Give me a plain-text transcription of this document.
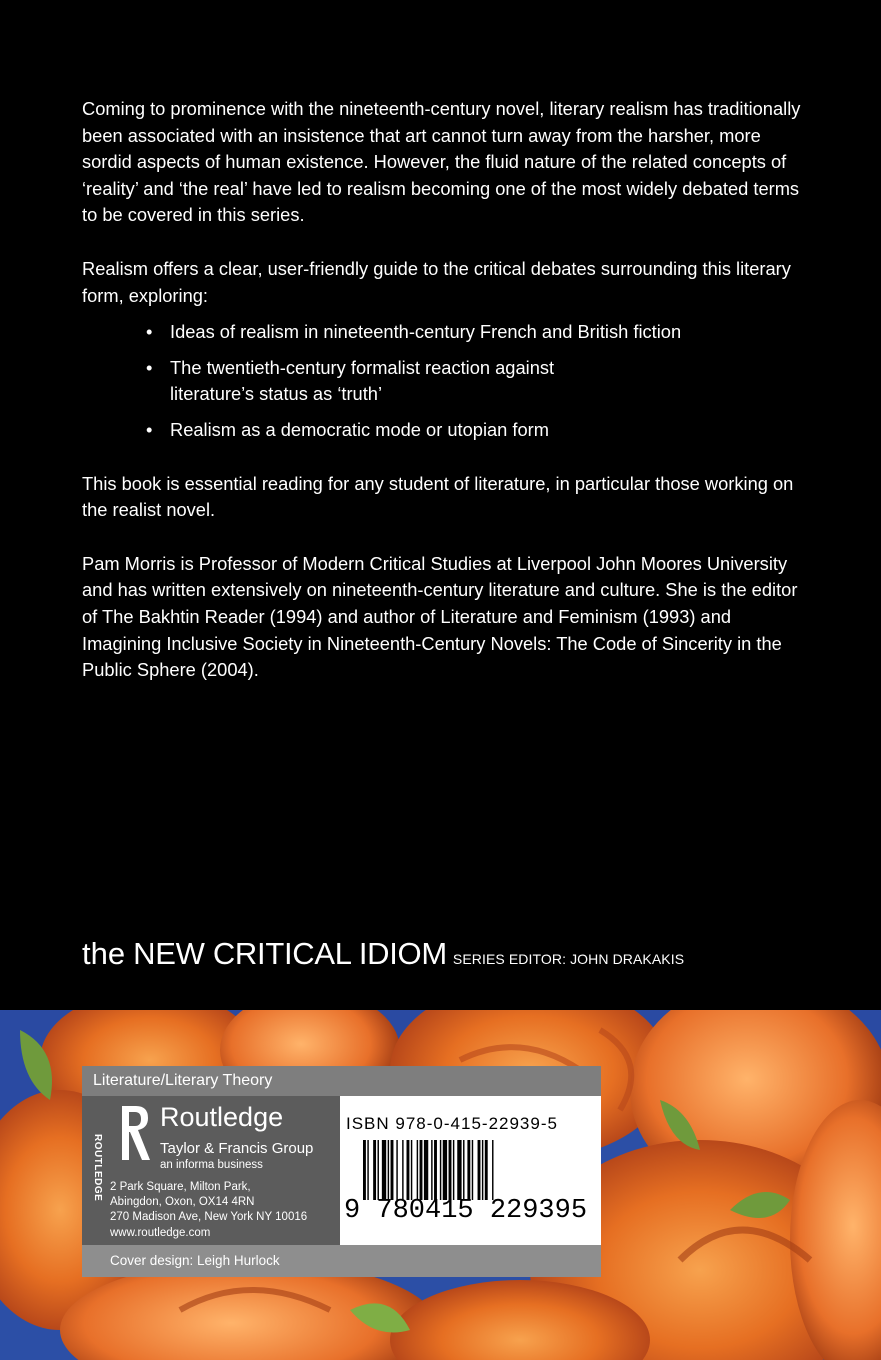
Coming to prominence with the nineteenth-century novel, literary realism has traditionally been associated with an insistence that art cannot turn away from the harsher, more sordid aspects of human existence. However, the fluid nature of the related concepts of ‘reality’ and ‘the real’ have led to realism becoming one of the most widely debated terms to be covered in this series.

Realism offers a clear, user-friendly guide to the critical debates surrounding this literary form, exploring:

• Ideas of realism in nineteenth-century French and British fiction
• The twentieth-century formalist reaction against literature’s status as ‘truth’
• Realism as a democratic mode or utopian form

This book is essential reading for any student of literature, in particular those working on the realist novel.

Pam Morris is Professor of Modern Critical Studies at Liverpool John Moores University and has written extensively on nineteenth-century literature and culture. She is the editor of The Bakhtin Reader (1994) and author of Literature and Feminism (1993) and Imagining Inclusive Society in Nineteenth-Century Novels: The Code of Sincerity in the Public Sphere (2004).

the NEW CRITICAL IDIOM SERIES EDITOR: JOHN DRAKAKIS
Literature/Literary Theory
ROUTLEDGE
Routledge
Taylor & Francis Group
an informa business
2 Park Square, Milton Park,
Abingdon, Oxon, OX14 4RN
270 Madison Ave, New York NY 10016
www.routledge.com
ISBN 978-0-415-22939-5
9 780415 229395
Cover design: Leigh Hurlock
